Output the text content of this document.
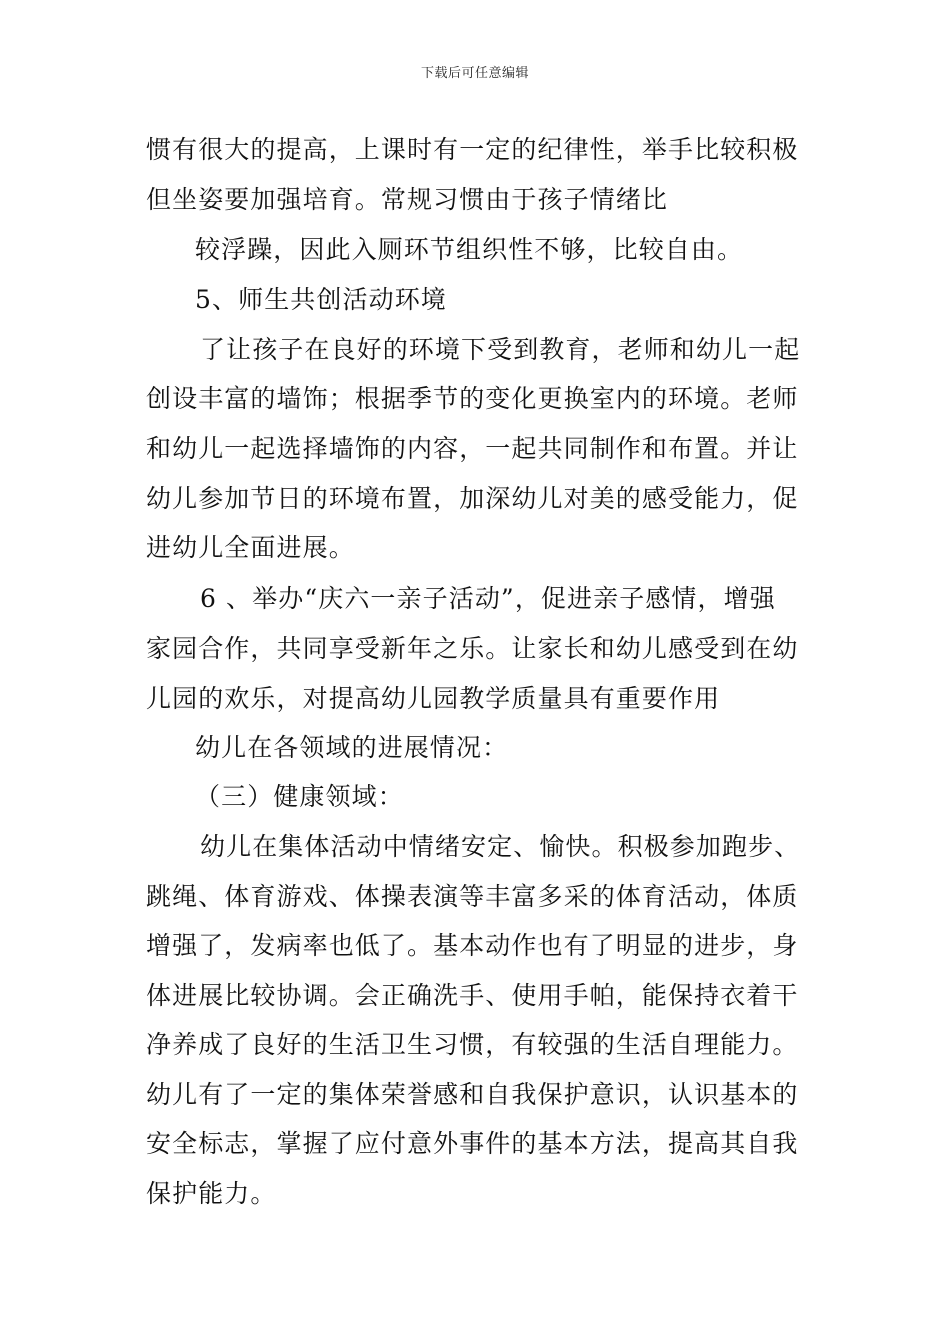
下载后可任意编辑
惯有很大的提高，上课时有一定的纪律性，举手比较积极
但坐姿要加强培育。常规习惯由于孩子情绪比
较浮躁，因此入厕环节组织性不够，比较自由。
5、师生共创活动环境
了让孩子在良好的环境下受到教育，老师和幼儿一起
创设丰富的墙饰；根据季节的变化更换室内的环境。老师
和幼儿一起选择墙饰的内容，一起共同制作和布置。并让
幼儿参加节日的环境布置，加深幼儿对美的感受能力，促
进幼儿全面进展。
6 、举办“庆六一亲子活动”，促进亲子感情，增强
家园合作，共同享受新年之乐。让家长和幼儿感受到在幼
儿园的欢乐，对提高幼儿园教学质量具有重要作用
幼儿在各领域的进展情况：
（三）健康领域：
幼儿在集体活动中情绪安定、愉快。积极参加跑步、
跳绳、体育游戏、体操表演等丰富多采的体育活动，体质
增强了，发病率也低了。基本动作也有了明显的进步，身
体进展比较协调。会正确洗手、使用手帕，能保持衣着干
净养成了良好的生活卫生习惯，有较强的生活自理能力。
幼儿有了一定的集体荣誉感和自我保护意识，认识基本的
安全标志，掌握了应付意外事件的基本方法，提高其自我
保护能力。
